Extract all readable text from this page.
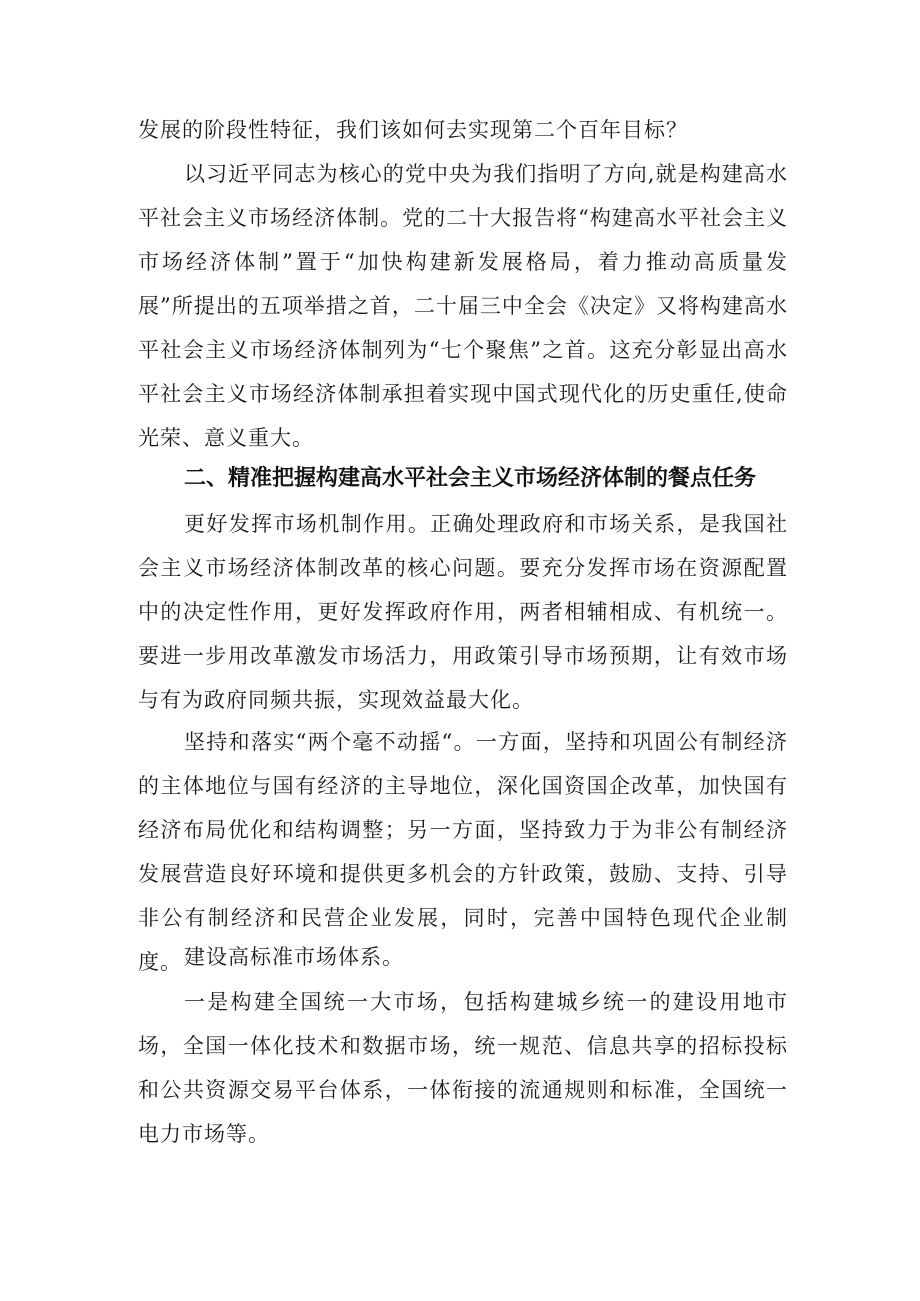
发展的阶段性特征，我们该如何去实现第二个百年目标？

以习近平同志为核心的党中央为我们指明了方向,就是构建高水平社会主义市场经济体制。党的二十大报告将“构建高水平社会主义市场经济体制”置于“加快构建新发展格局，着力推动高质量发展”所提出的五项举措之首，二十届三中全会《决定》又将构建高水平社会主义市场经济体制列为“七个聚焦”之首。这充分彰显出高水平社会主义市场经济体制承担着实现中国式现代化的历史重任,使命光荣、意义重大。

二、精准把握构建高水平社会主义市场经济体制的餐点任务

更好发挥市场机制作用。正确处理政府和市场关系，是我国社会主义市场经济体制改革的核心问题。要充分发挥市场在资源配置中的决定性作用，更好发挥政府作用，两者相辅相成、有机统一。要进一步用改革激发市场活力，用政策引导市场预期，让有效市场与有为政府同频共振，实现效益最大化。

坚持和落实“两个毫不动摇“。一方面，坚持和巩固公有制经济的主体地位与国有经济的主导地位，深化国资国企改革，加快国有经济布局优化和结构调整；另一方面，坚持致力于为非公有制经济发展营造良好环境和提供更多机会的方针政策，鼓励、支持、引导非公有制经济和民营企业发展，同时，完善中国特色现代企业制度。 建设高标准市场体系。

一是构建全国统一大市场，包括构建城乡统一的建设用地市场，全国一体化技术和数据市场，统一规范、信息共享的招标投标和公共资源交易平台体系，一体衔接的流通规则和标准，全国统一电力市场等。
